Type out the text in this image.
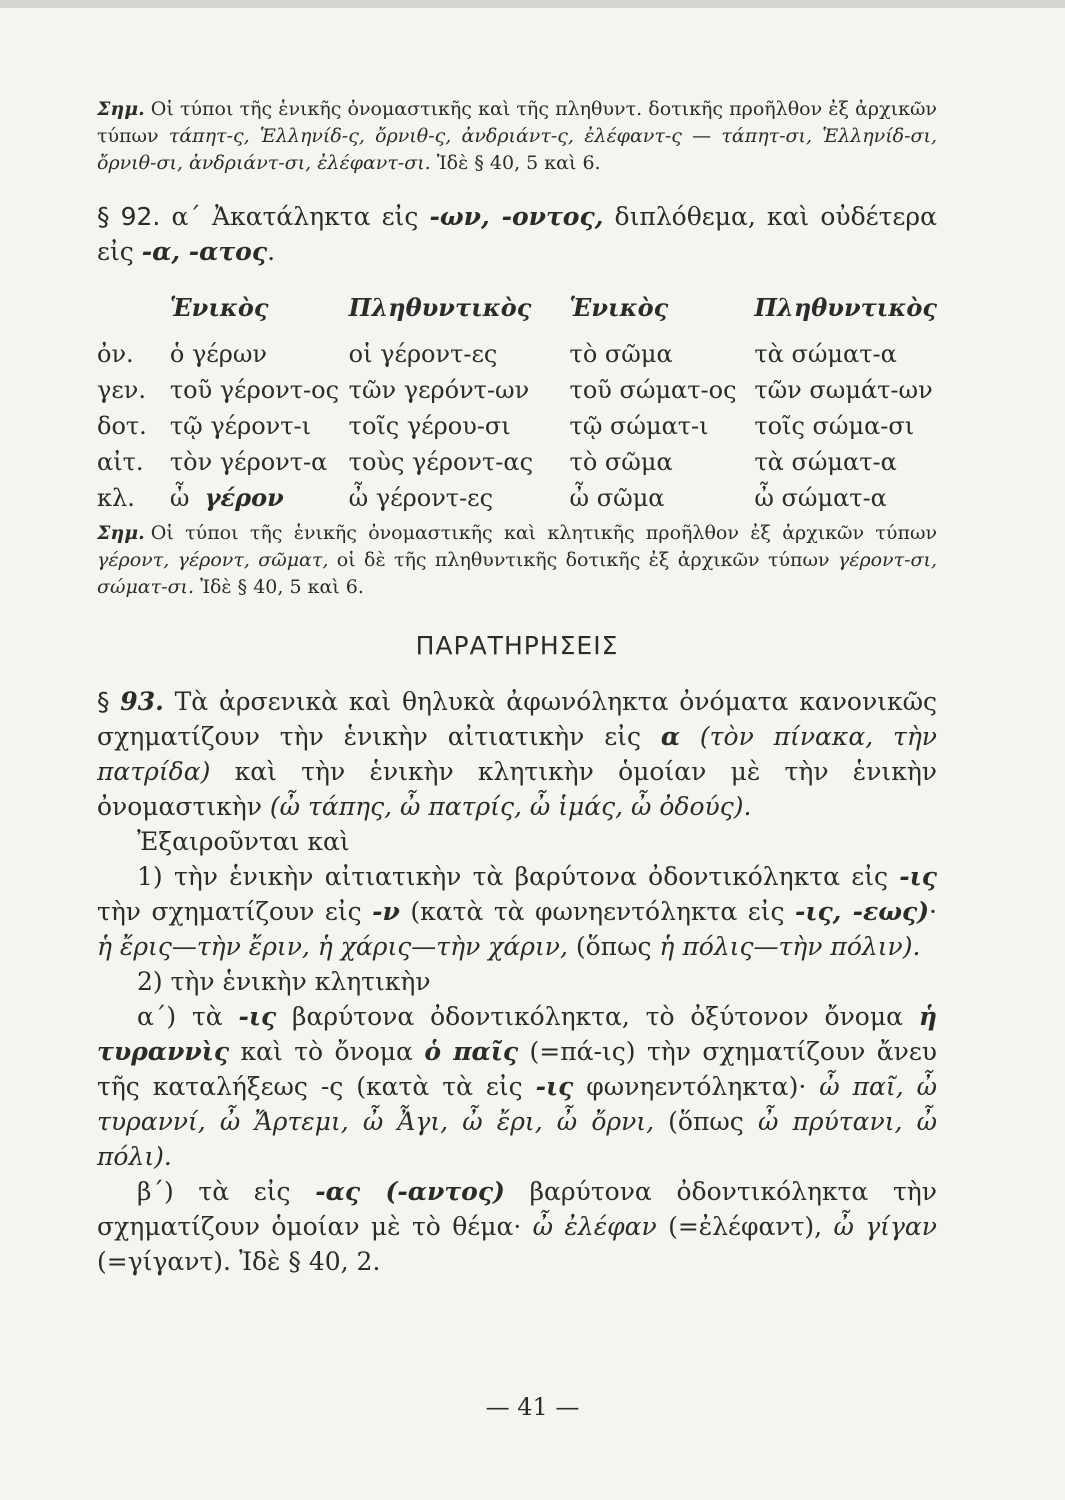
Σημ. Οἱ τύποι τῆς ἑνικῆς ὀνομαστικῆς καὶ τῆς πληθυντ. δοτικῆς προῆλθον ἐξ ἀρχικῶν τύπων τάπητ-ς, Ἑλληνίδ-ς, ὄρνιθ-ς, ἀνδριάντ-ς, ἐλέφαντ-ς — τάπητ-σι, Ἑλληνίδ-σι, ὄρνιθ-σι, ἀνδριάντ-σι, ἐλέφαντ-σι. Ἰδὲ § 40, 5 καὶ 6.

§ 92. α΄ Ἀκατάληκτα εἰς -ων, -οντος, διπλόθεμα, καὶ οὐδέτερα εἰς -α, -ατος.

	Ἑνικὸς	Πληθυντικὸς	Ἑνικὸς	Πληθυντικὸς
ὀν.	ὁ γέρων	οἱ γέροντ-ες	τὸ σῶμα	τὰ σώματ-α
γεν.	τοῦ γέροντ-ος	τῶν γερόντ-ων	τοῦ σώματ-ος	τῶν σωμάτ-ων
δοτ.	τῷ γέροντ-ι	τοῖς γέρου-σι	τῷ σώματ-ι	τοῖς σώμα-σι
αἰτ.	τὸν γέροντ-α	τοὺς γέροντ-ας	τὸ σῶμα	τὰ σώματ-α
κλ.	ὦ γέρον	ὦ γέροντ-ες	ὦ σῶμα	ὦ σώματ-α

Σημ. Οἱ τύποι τῆς ἑνικῆς ὀνομαστικῆς καὶ κλητικῆς προῆλθον ἐξ ἀρχικῶν τύπων γέροντ, γέροντ, σῶματ, οἱ δὲ τῆς πληθυντικῆς δοτικῆς ἐξ ἀρχικῶν τύπων γέροντ-σι, σώματ-σι. Ἰδὲ § 40, 5 καὶ 6.

ΠΑΡΑΤΗΡΗΣΕΙΣ

§ 93. Τὰ ἀρσενικὰ καὶ θηλυκὰ ἀφωνόληκτα ὀνόματα κανονικῶς σχηματίζουν τὴν ἑνικὴν αἰτιατικὴν εἰς α (τὸν πίνακα, τὴν πατρίδα) καὶ τὴν ἑνικὴν κλητικὴν ὁμοίαν μὲ τὴν ἑνικὴν ὀνομαστικὴν (ὦ τάπης, ὦ πατρίς, ὦ ἱμάς, ὦ ὀδούς).

Ἐξαιροῦνται καὶ

1) τὴν ἑνικὴν αἰτιατικὴν τὰ βαρύτονα ὀδοντικόληκτα εἰς -ις τὴν σχηματίζουν εἰς -ν (κατὰ τὰ φωνηεντόληκτα εἰς -ις, -εως)· ἡ ἔρις—τὴν ἔριν, ἡ χάρις—τὴν χάριν, (ὅπως ἡ πόλις—τὴν πόλιν).

2) τὴν ἑνικὴν κλητικὴν

α΄) τὰ -ις βαρύτονα ὀδοντικόληκτα, τὸ ὀξύτονον ὄνομα ἡ τυραννὶς καὶ τὸ ὄνομα ὁ παῖς (=πά-ις) τὴν σχηματίζουν ἄνευ τῆς καταλήξεως -ς (κατὰ τὰ εἰς -ις φωνηεντόληκτα)· ὦ παῖ, ὦ τυραννί, ὦ Ἄρτεμι, ὦ Ἆγι, ὦ ἔρι, ὦ ὄρνι, (ὅπως ὦ πρύτανι, ὦ πόλι).

β΄) τὰ εἰς -ας (-αντος) βαρύτονα ὀδοντικόληκτα τὴν σχηματίζουν ὁμοίαν μὲ τὸ θέμα· ὦ ἐλέφαν (=ἐλέφαντ), ὦ γίγαν (=γίγαντ). Ἰδὲ § 40, 2.

— 41 —
